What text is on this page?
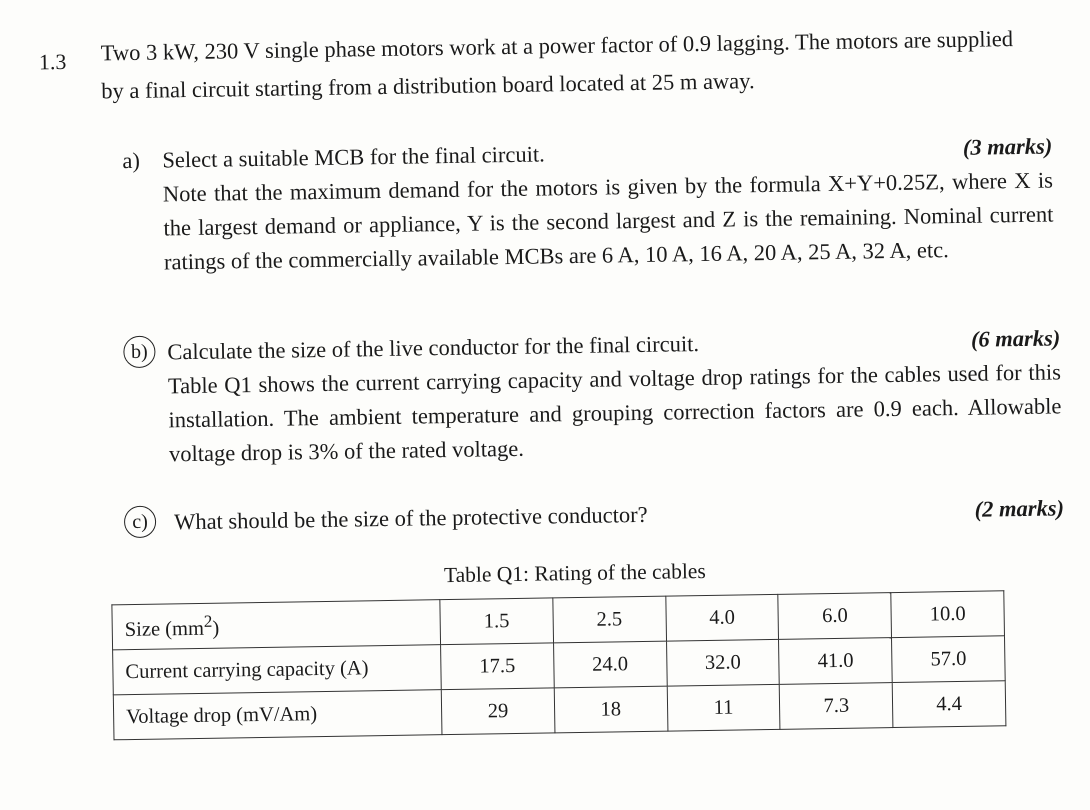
1.3 Two 3 kW, 230 V single phase motors work at a power factor of 0.9 lagging. The motors are supplied by a final circuit starting from a distribution board located at 25 m away.
a)
(3 marks)
Select a suitable MCB for the final circuit.
Note that the maximum demand for the motors is given by the formula X+Y+0.25Z, where X is the largest demand or appliance, Y is the second largest and Z is the remaining. Nominal current ratings of the commercially available MCBs are 6 A, 10 A, 16 A, 20 A, 25 A, 32 A, etc.
b)
(6 marks)
Calculate the size of the live conductor for the final circuit.
Table Q1 shows the current carrying capacity and voltage drop ratings for the cables used for this installation. The ambient temperature and grouping correction factors are 0.9 each. Allowable voltage drop is 3% of the rated voltage.
c)
(2 marks)
What should be the size of the protective conductor?
Table Q1: Rating of the cables
Size $(mm^2)$	1.5	2.5	4.0	6.0	10.0
Current carrying capacity (A)	17.5	24.0	32.0	41.0	57.0
Voltage drop (mV/Am)	29	18	11	7.3	4.4
